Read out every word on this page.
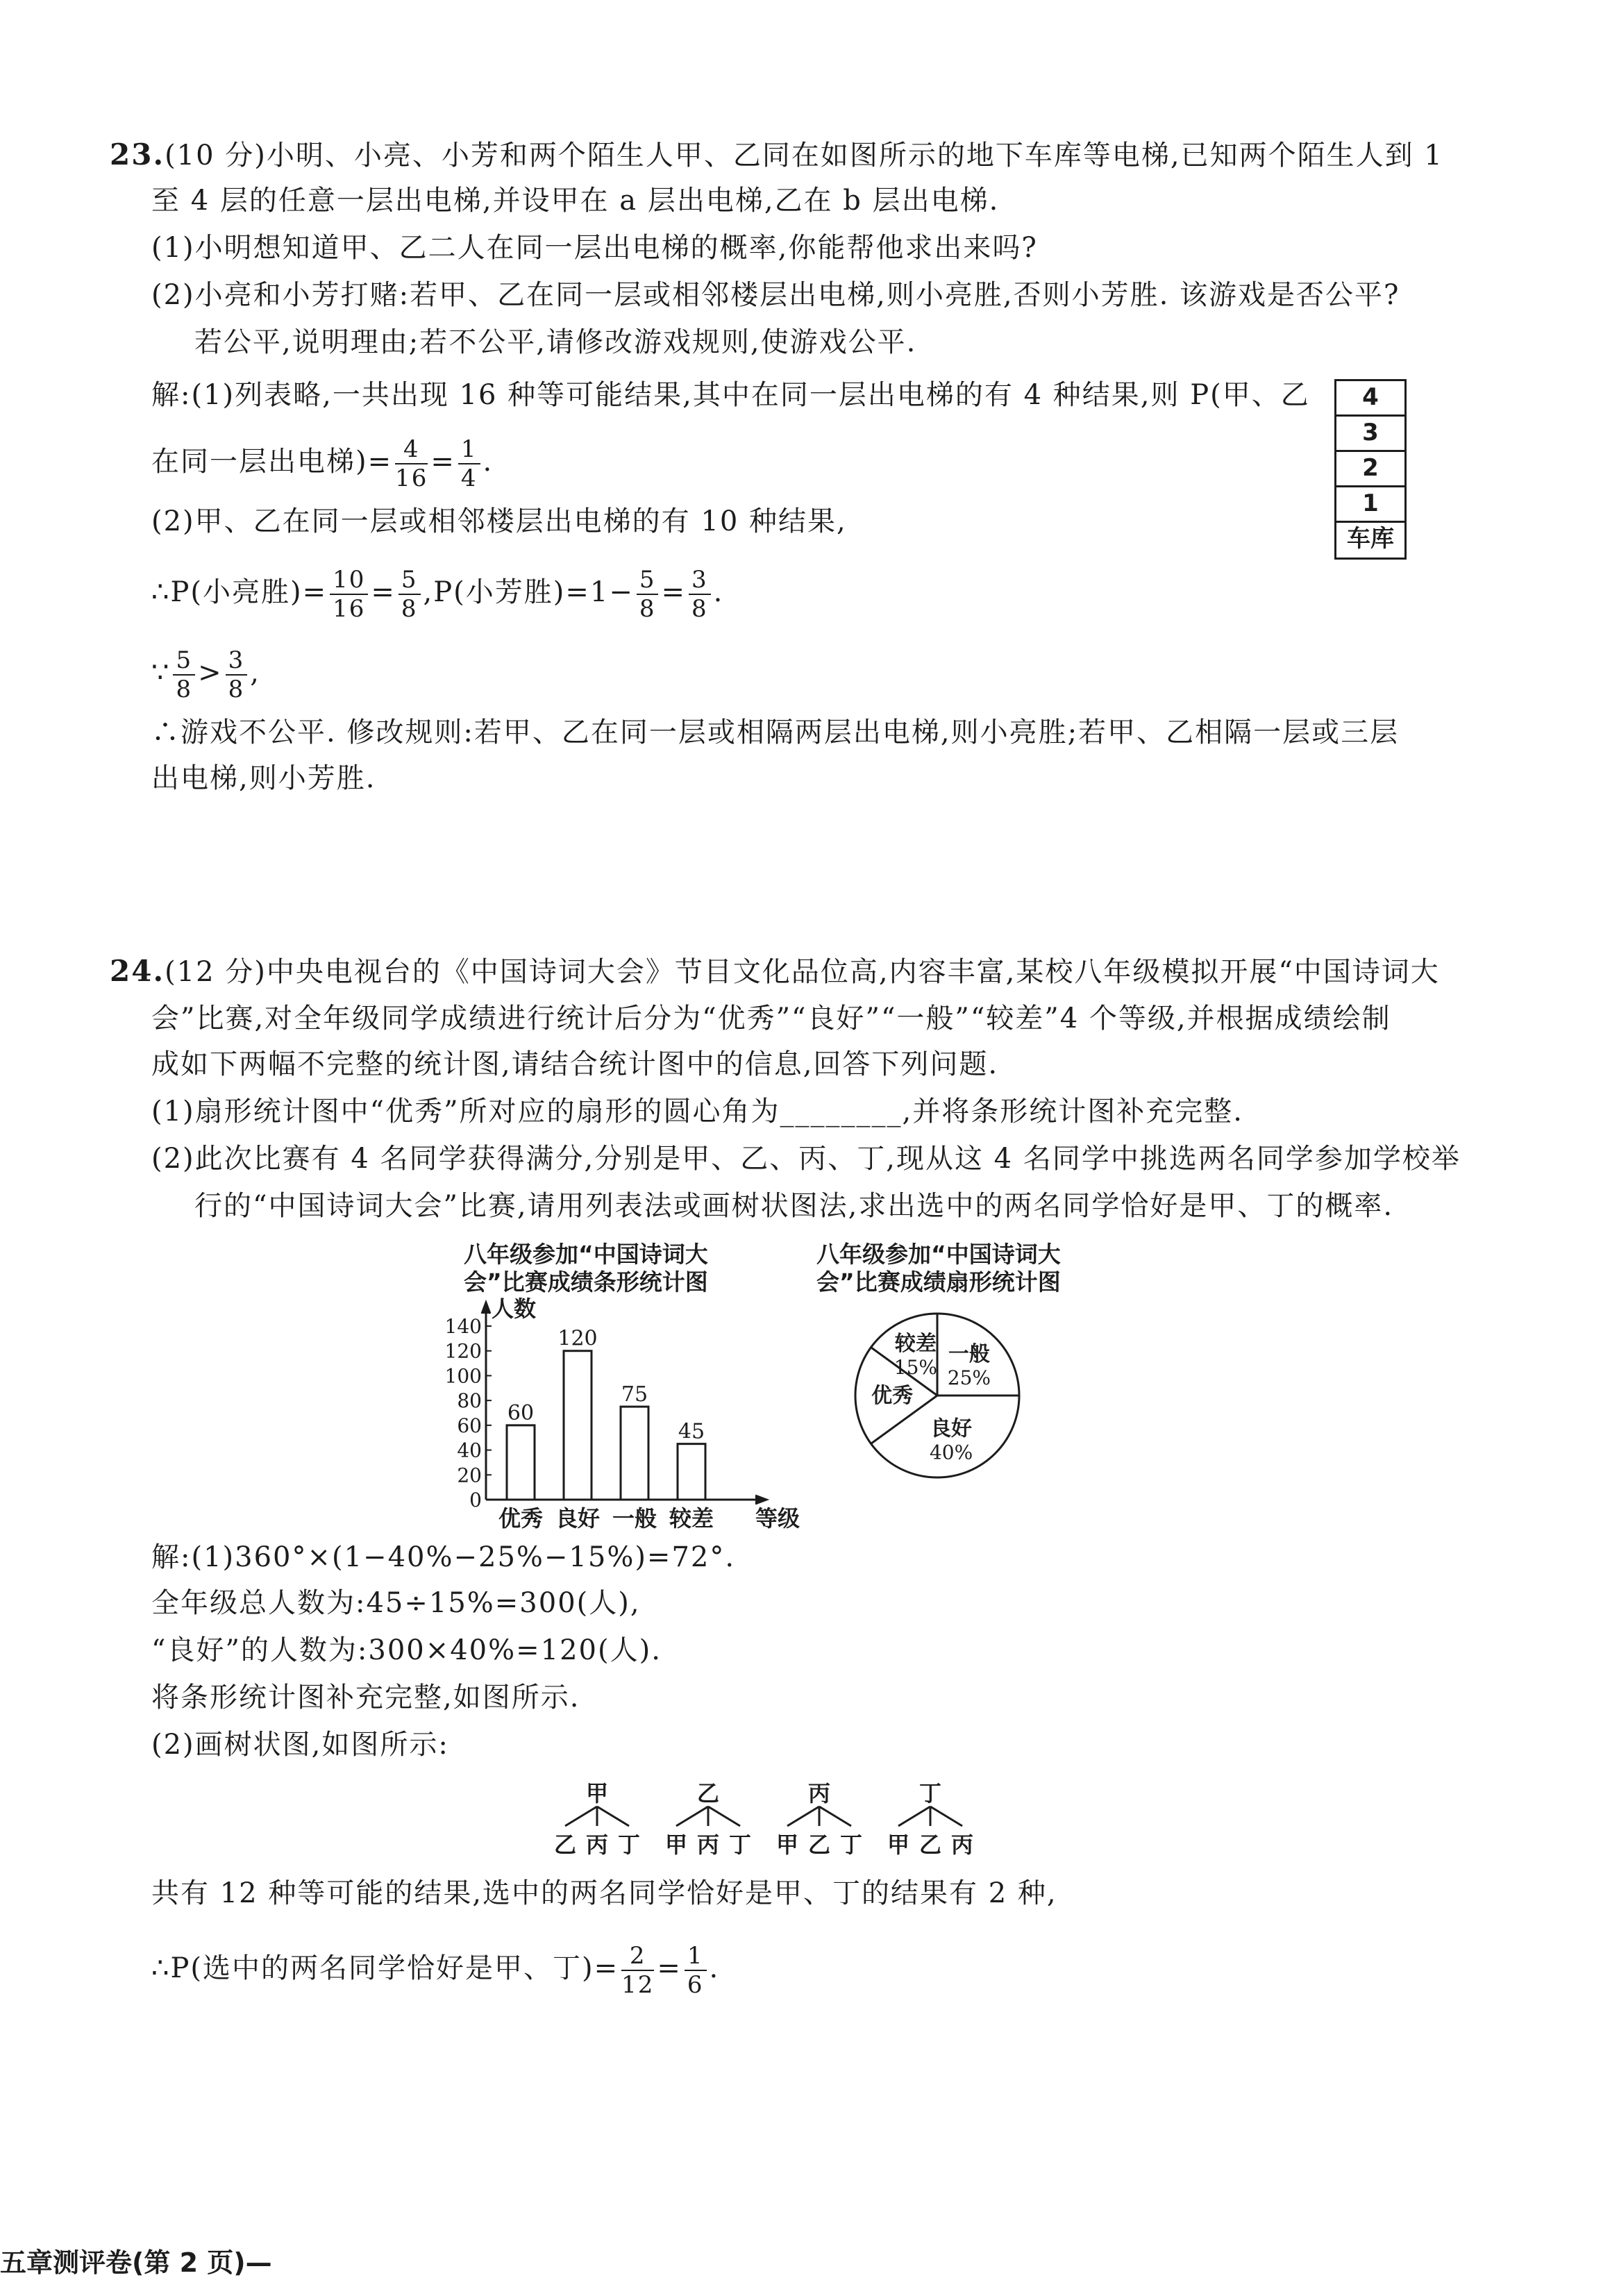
23.(10 分)小明、小亮、小芳和两个陌生人甲、乙同在如图所示的地下车库等电梯,已知两个陌生人到 1
至 4 层的任意一层出电梯,并设甲在 a 层出电梯,乙在 b 层出电梯.
(1)小明想知道甲、乙二人在同一层出电梯的概率,你能帮他求出来吗?
(2)小亮和小芳打赌:若甲、乙在同一层或相邻楼层出电梯,则小亮胜,否则小芳胜. 该游戏是否公平?
若公平,说明理由;若不公平,请修改游戏规则,使游戏公平.
解:(1)列表略,一共出现 16 种等可能结果,其中在同一层出电梯的有 4 种结果,则 P(甲、乙
在同一层出电梯)= $\frac{4}{16} = \frac{1}{4}$ .
(2)甲、乙在同一层或相邻楼层出电梯的有 10 种结果,
∴P(小亮胜)= $\frac{10}{16} = \frac{5}{8} ,P$(小芳胜)$=1- \frac{5}{8} = \frac{3}{8}$ .
∵ $\frac{5}{8} > \frac{3}{8}$ ,
∴游戏不公平. 修改规则:若甲、乙在同一层或相隔两层出电梯,则小亮胜;若甲、乙相隔一层或三层
出电梯,则小芳胜.
4
3
2
1
车库
24.(12 分)中央电视台的《中国诗词大会》节目文化品位高,内容丰富,某校八年级模拟开展“中国诗词大
会”比赛,对全年级同学成绩进行统计后分为“优秀”“良好”“一般”“较差”4 个等级,并根据成绩绘制
成如下两幅不完整的统计图,请结合统计图中的信息,回答下列问题.
(1)扇形统计图中“优秀”所对应的扇形的圆心角为________,并将条形统计图补充完整.
(2)此次比赛有 4 名同学获得满分,分别是甲、乙、丙、丁,现从这 4 名同学中挑选两名同学参加学校举
行的“中国诗词大会”比赛,请用列表法或画树状图法,求出选中的两名同学恰好是甲、丁的概率.
八年级参加“中国诗词大
会”比赛成绩条形统计图
八年级参加“中国诗词大
会”比赛成绩扇形统计图
0
20
40
60
80
100
120
140
人数
60
优秀
120
良好
75
一般
45
较差 等级
一般
25%
良好
40%
优秀
较差
15%
解:(1)360°×(1−40%−25%−15%)=72°.
全年级总人数为:45÷15%=300(人),
“良好”的人数为:300×40%=120(人).
将条形统计图补充完整,如图所示.
(2)画树状图,如图所示:
甲
乙 丙 丁
乙
甲 丙 丁
丙
甲 乙 丁
丁
甲 乙 丙
共有 12 种等可能的结果,选中的两名同学恰好是甲、丁的结果有 2 种,
∴P(选中的两名同学恰好是甲、丁)= $\frac{2}{12} = \frac{1}{6}$ .
五章测评卷(第 2 页)—
